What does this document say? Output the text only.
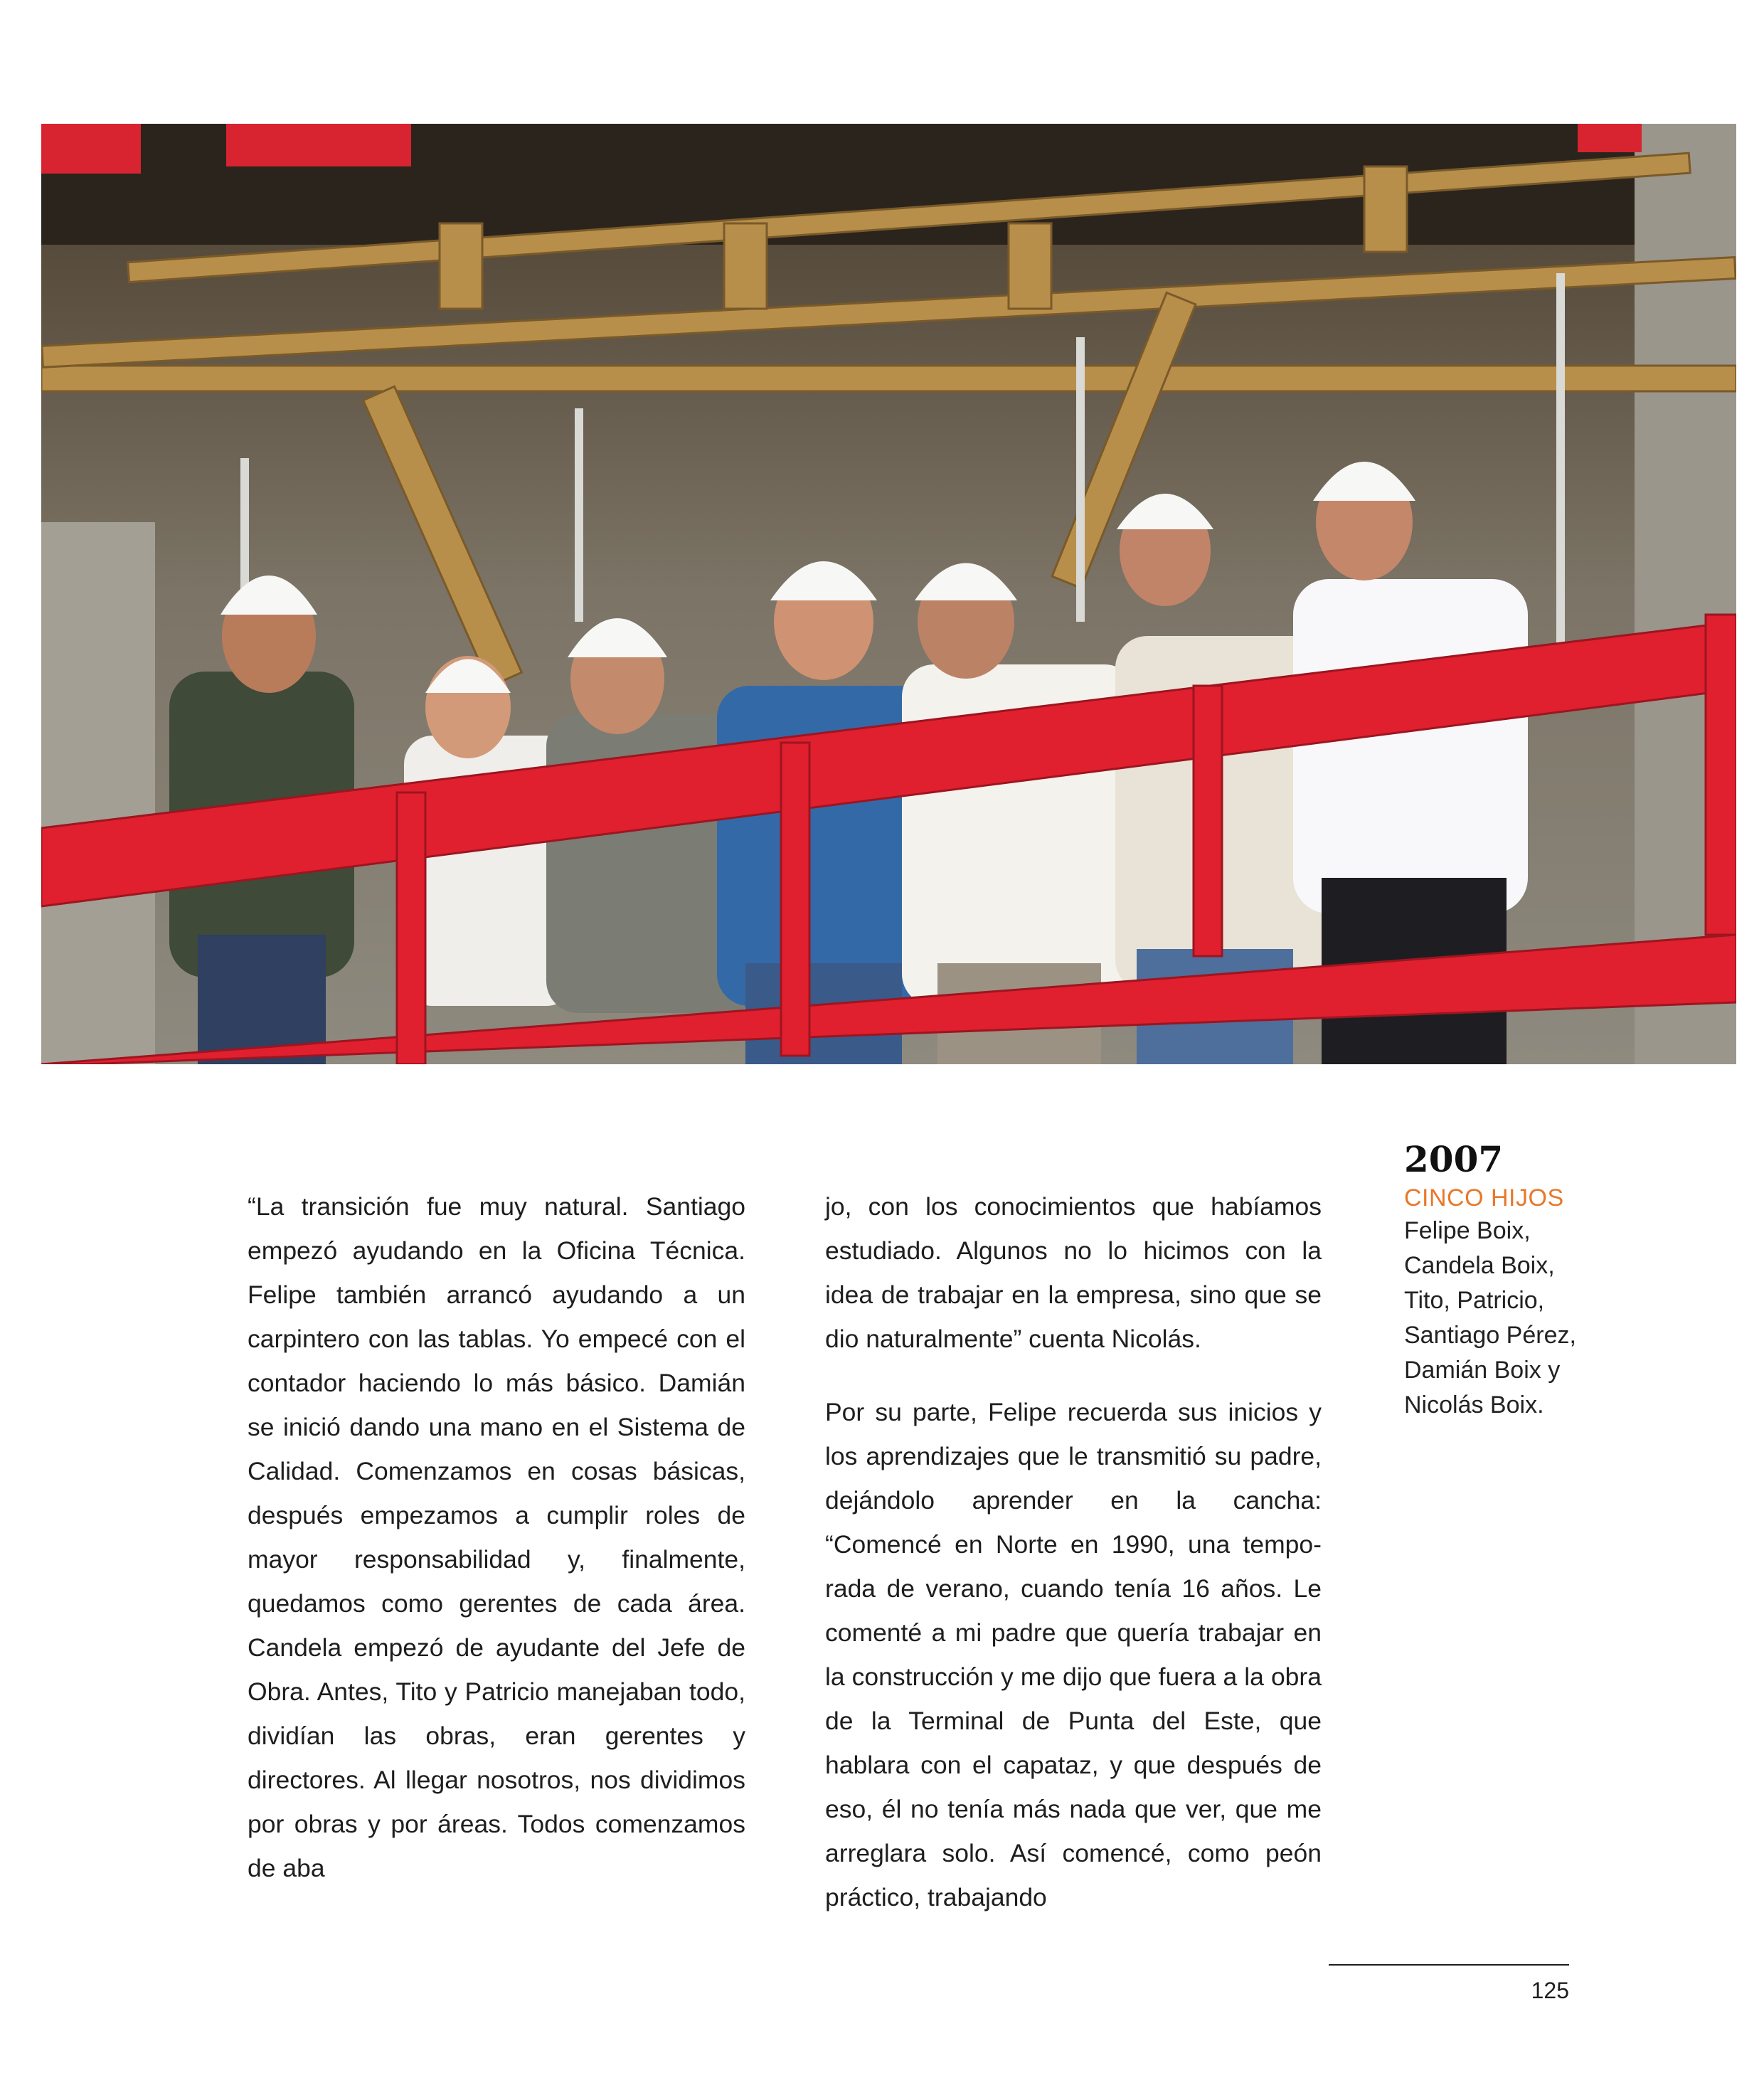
“La transición fue muy natural. Santiago empezó ayudando en la Oficina Técnica. Felipe también arrancó ayudando a un carpintero con las tablas. Yo empecé con el contador haciendo lo más básico. Damián se inició dando una mano en el Sistema de Calidad. Comenzamos en cosas básicas, después empezamos a cumplir roles de mayor responsabilidad y, finalmente, quedamos como gerentes de cada área. Candela empezó de ayudante del Jefe de Obra. Antes, Tito y Patricio manejaban todo, dividían las obras, eran gerentes y directores. Al llegar nosotros, nos dividimos por obras y por áreas. Todos comenzamos de aba

jo, con los conocimientos que habíamos estudiado. Algunos no lo hicimos con la idea de trabajar en la empresa, sino que se dio naturalmente” cuenta Nicolás.

Por su parte, Felipe recuerda sus inicios y los aprendizajes que le transmitió su padre, dejándolo aprender en la cancha: “Comencé en Norte en 1990, una temporada de verano, cuando tenía 16 años. Le comenté a mi padre que quería trabajar en la construcción y me dijo que fuera a la obra de la Terminal de Punta del Este, que hablara con el capataz, y que después de eso, él no tenía más nada que ver, que me arreglara solo. Así comencé, como peón práctico, trabajando

2007
CINCO HIJOS
Felipe Boix,
Candela Boix,
Tito, Patricio,
Santiago Pérez,
Damián Boix y
Nicolás Boix.
125
